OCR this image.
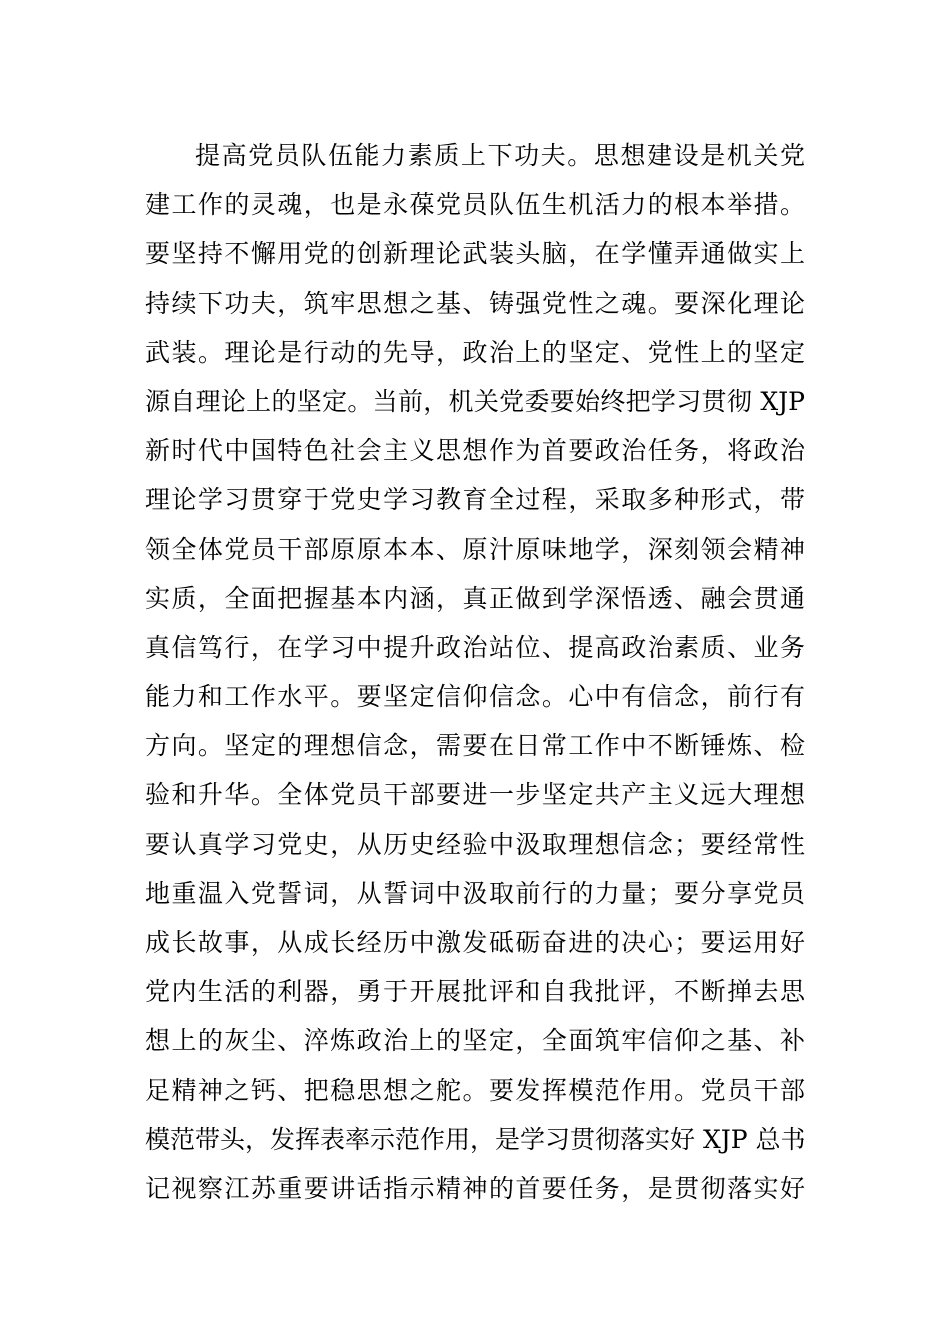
提高党员队伍能力素质上下功夫。思想建设是机关党
建工作的灵魂，也是永葆党员队伍生机活力的根本举措。
要坚持不懈用党的创新理论武装头脑，在学懂弄通做实上
持续下功夫，筑牢思想之基、铸强党性之魂。要深化理论
武装。理论是行动的先导，政治上的坚定、党性上的坚定
源自理论上的坚定。当前，机关党委要始终把学习贯彻 XJP
新时代中国特色社会主义思想作为首要政治任务，将政治
理论学习贯穿于党史学习教育全过程，采取多种形式，带
领全体党员干部原原本本、原汁原味地学，深刻领会精神
实质，全面把握基本内涵，真正做到学深悟透、融会贯通
真信笃行，在学习中提升政治站位、提高政治素质、业务
能力和工作水平。要坚定信仰信念。心中有信念，前行有
方向。坚定的理想信念，需要在日常工作中不断锤炼、检
验和升华。全体党员干部要进一步坚定共产主义远大理想
要认真学习党史，从历史经验中汲取理想信念；要经常性
地重温入党誓词，从誓词中汲取前行的力量；要分享党员
成长故事，从成长经历中激发砥砺奋进的决心；要运用好
党内生活的利器，勇于开展批评和自我批评，不断掸去思
想上的灰尘、淬炼政治上的坚定，全面筑牢信仰之基、补
足精神之钙、把稳思想之舵。要发挥模范作用。党员干部
模范带头，发挥表率示范作用，是学习贯彻落实好 XJP 总书
记视察江苏重要讲话指示精神的首要任务，是贯彻落实好
